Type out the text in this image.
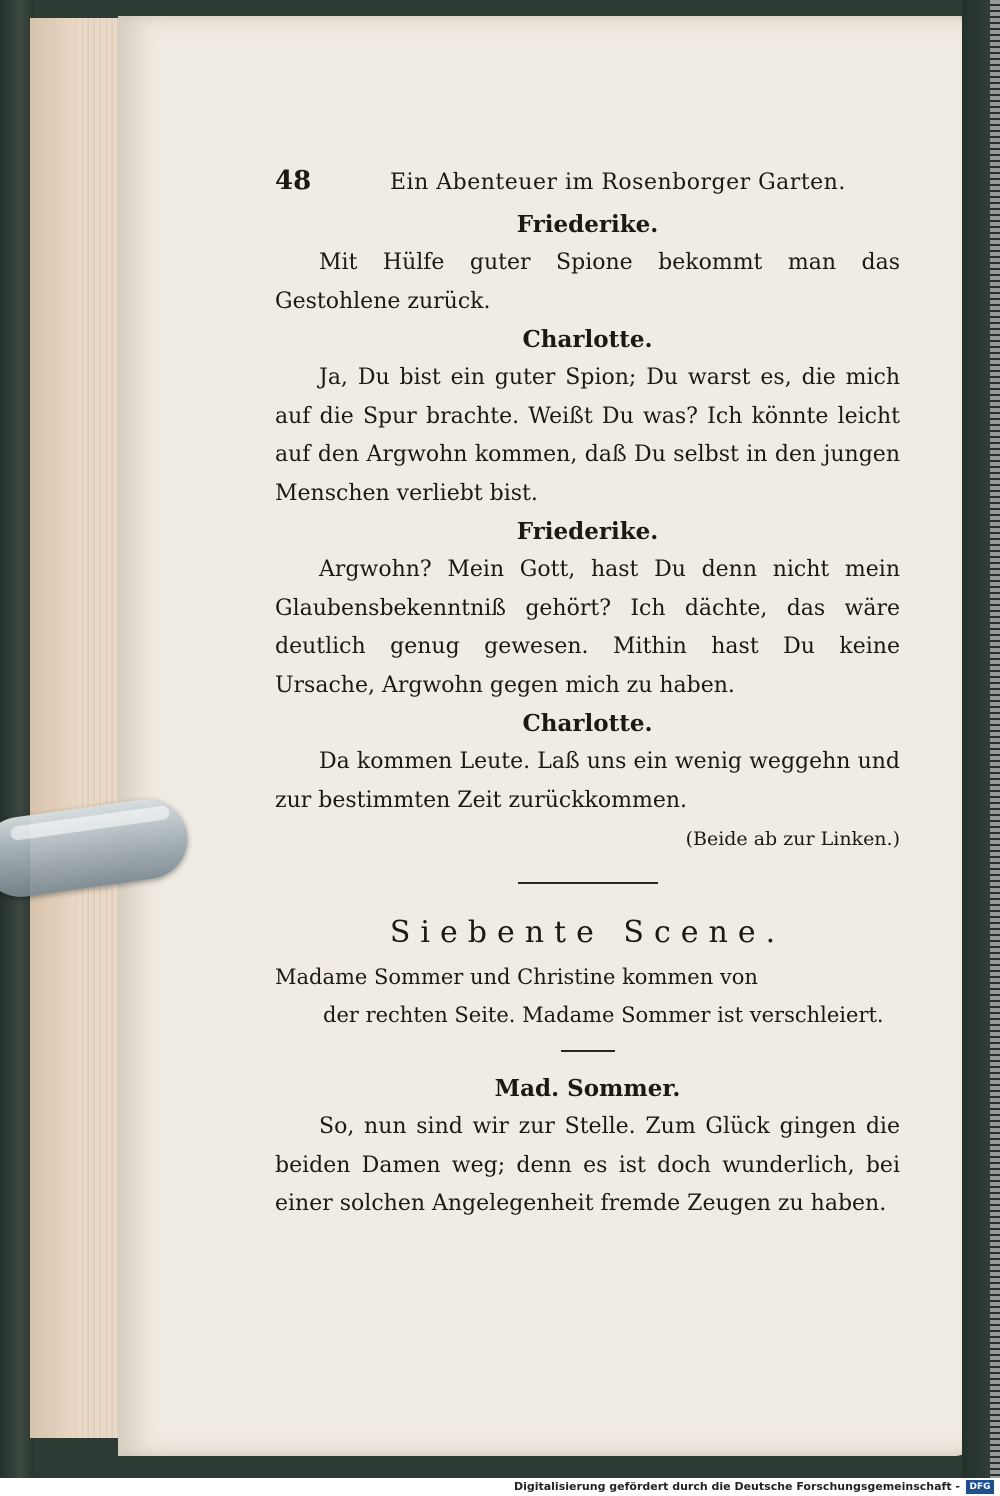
48	Ein Abenteuer im Rosenborger Garten.
Friederike.

Mit Hülfe guter Spione bekommt man das Gestohlene zurück.

Charlotte.

Ja, Du bist ein guter Spion; Du warst es, die mich auf die Spur brachte. Weißt Du was? Ich könnte leicht auf den Argwohn kommen, daß Du selbst in den jungen Menschen verliebt bist.

Friederike.

Argwohn? Mein Gott, hast Du denn nicht mein Glaubensbekenntniß gehört? Ich dächte, das wäre deutlich genug gewesen. Mithin hast Du keine Ursache, Argwohn gegen mich zu haben.

Charlotte.

Da kommen Leute. Laß uns ein wenig weggehn und zur bestimmten Zeit zurückkommen.

(Beide ab zur Linken.)
Siebente Scene.

Madame Sommer und Christine kommen von
der rechten Seite. Madame Sommer ist verschleiert.

Mad. Sommer.

So, nun sind wir zur Stelle. Zum Glück gingen die beiden Damen weg; denn es ist doch wunderlich, bei einer solchen Angelegenheit fremde Zeugen zu haben.

Digitalisierung gefördert durch die Deutsche Forschungsgemeinschaft -	DFG
